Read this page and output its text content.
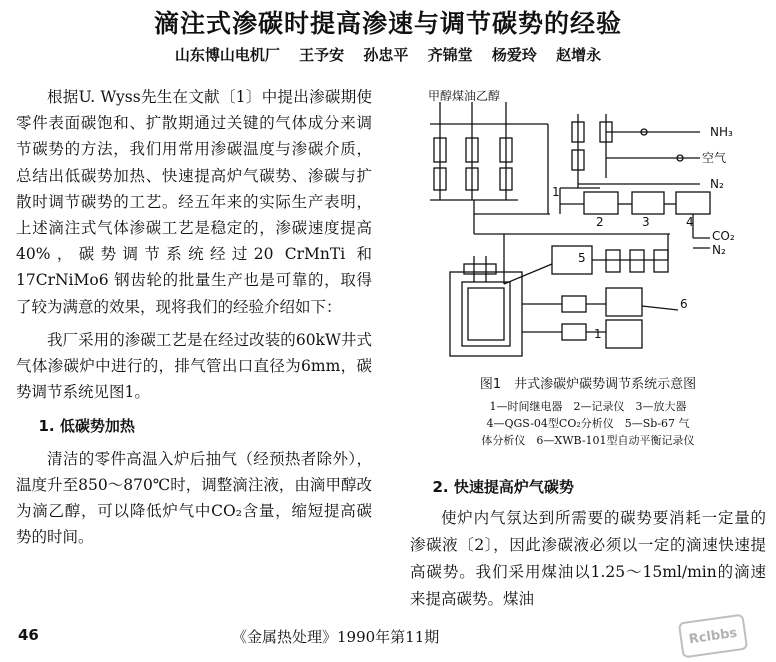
滴注式渗碳时提高渗速与调节碳势的经验
山东博山电机厂 王予安 孙忠平 齐锦堂 杨爱玲 赵增永

根据U. Wyss先生在文献〔1〕中提出渗碳期使零件表面碳饱和、扩散期通过关键的气体成分来调节碳势的方法，我们用常用渗碳温度与渗碳介质，总结出低碳势加热、快速提高炉气碳势、渗碳与扩散时调节碳势的工艺。经五年来的实际生产表明，上述滴注式气体渗碳工艺是稳定的，渗碳速度提高40%，碳势调节系统经过20 CrMnTi 和17CrNiMo6 钢齿轮的批量生产也是可靠的，取得了较为满意的效果，现将我们的经验介绍如下：

我厂采用的渗碳工艺是在经过改装的60kW井式气体渗碳炉中进行的，排气管出口直径为6mm，碳势调节系统见图1。

1. 低碳势加热

清洁的零件高温入炉后抽气（经预热者除外），温度升至850～870℃时，调整滴注液，由滴甲醇改为滴乙醇，可以降低炉气中CO₂含量，缩短提高碳势的时间。

甲醇煤油乙醇
NH₃
空气
N₂
CO₂
N₂
1
2	3	4
5
6
1
图1　井式渗碳炉碳势调节系统示意图
1—时间继电器　2—记录仪　3—放大器
4—QGS-04型CO₂分析仪　5—Sb-67 气
体分析仪　6—XWB-101型自动平衡记录仪
2. 快速提高炉气碳势

使炉内气氛达到所需要的碳势要消耗一定量的渗碳液〔2〕，因此渗碳液必须以一定的滴速快速提高碳势。我们采用煤油以1.25～15ml/min的滴速来提高碳势。煤油

46	《金属热处理》1990年第11期	Rclbbs
